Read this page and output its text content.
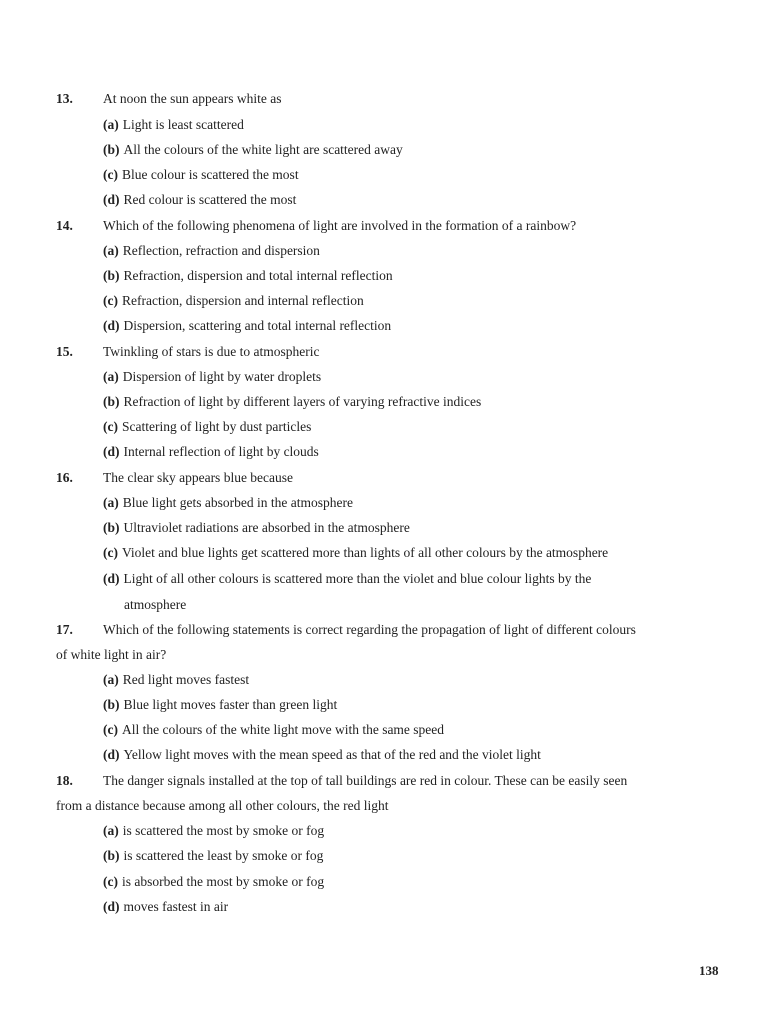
13. At noon the sun appears white as
(a) Light is least scattered
(b) All the colours of the white light are scattered away
(c) Blue colour is scattered the most
(d) Red colour is scattered the most
14. Which of the following phenomena of light are involved in the formation of a rainbow?
(a) Reflection, refraction and dispersion
(b) Refraction, dispersion and total internal reflection
(c) Refraction, dispersion and internal reflection
(d) Dispersion, scattering and total internal reflection
15. Twinkling of stars is due to atmospheric
(a) Dispersion of light by water droplets
(b) Refraction of light by different layers of varying refractive indices
(c) Scattering of light by dust particles
(d) Internal reflection of light by clouds
16. The clear sky appears blue because
(a) Blue light gets absorbed in the atmosphere
(b) Ultraviolet radiations are absorbed in the atmosphere
(c) Violet and blue lights get scattered more than lights of all other colours by the atmosphere
(d) Light of all other colours is scattered more than the violet and blue colour lights by the
atmosphere
17. Which of the following statements is correct regarding the propagation of light of different colours
of white light in air?
(a) Red light moves fastest
(b) Blue light moves faster than green light
(c) All the colours of the white light move with the same speed
(d) Yellow light moves with the mean speed as that of the red and the violet light
18. The danger signals installed at the top of tall buildings are red in colour. These can be easily seen
from a distance because among all other colours, the red light
(a) is scattered the most by smoke or fog
(b) is scattered the least by smoke or fog
(c) is absorbed the most by smoke or fog
(d) moves fastest in air
138
